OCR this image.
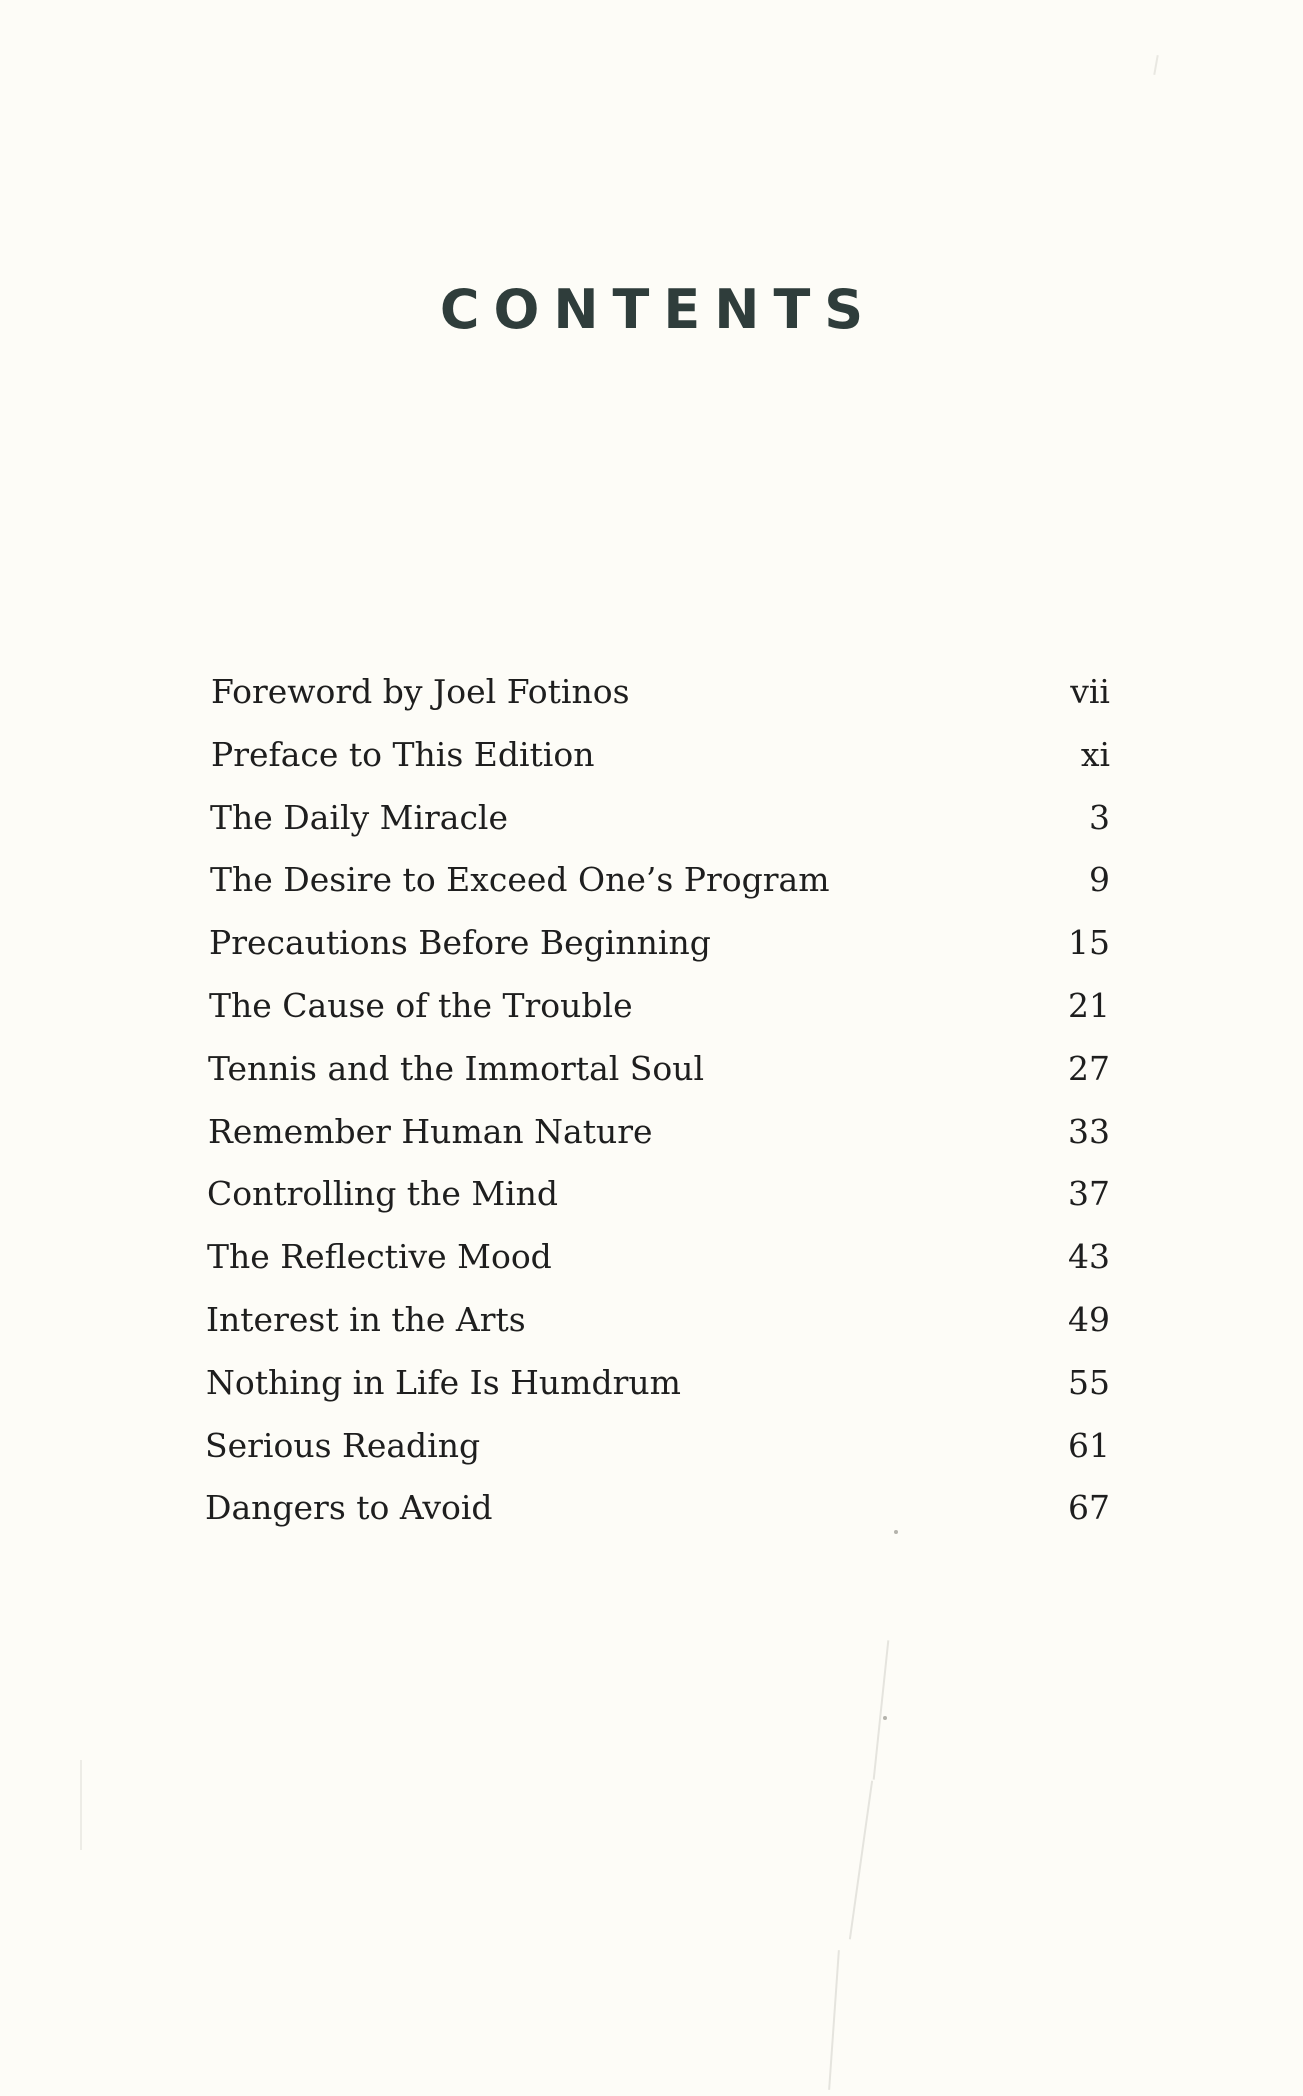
CONTENTS
Foreword by Joel Fotinos	vii
Preface to This Edition	xi
The Daily Miracle	3
The Desire to Exceed One’s Program	9
Precautions Before Beginning	15
The Cause of the Trouble	21
Tennis and the Immortal Soul	27
Remember Human Nature	33
Controlling the Mind	37
The Reflective Mood	43
Interest in the Arts	49
Nothing in Life Is Humdrum	55
Serious Reading	61
Dangers to Avoid	67
